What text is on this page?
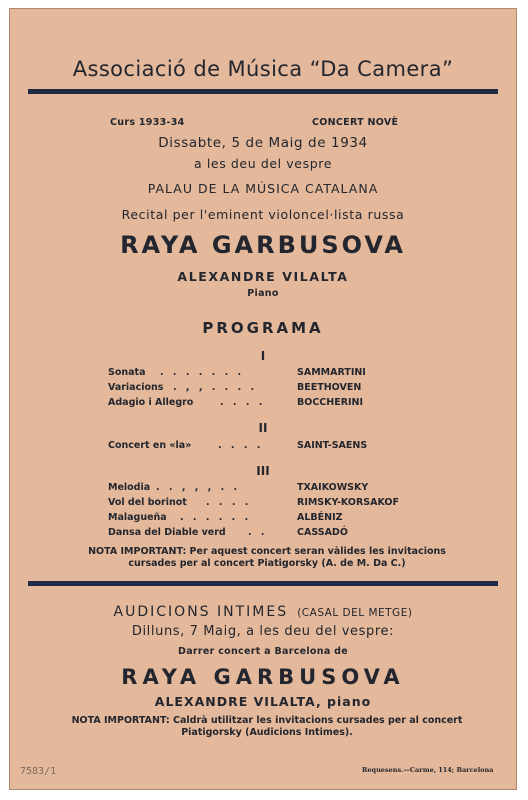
Associació de Música “Da Camera”
Curs 1933-34	CONCERT NOVÈ
Dissabte, 5 de Maig de 1934
a les deu del vespre
PALAU DE LA MÚSICA CATALANA
Recital per l'eminent violoncel·lista russa
RAYA GARBUSOVA
ALEXANDRE VILALTA
Piano
PROGRAMA
I
Sonata . . . . . . .	SAMMARTINI
Variacions . , , . . . .	BEETHOVEN
Adagio i Allegro	. . . .	BOCCHERINI
II
Concert en «la»	. . . .	SAINT-SAENS
III
Melodia . . , , , . .	TXAIKOWSKY
Vol del borinot . . . .	RIMSKY-KORSAKOF
Malagueña . . . . . .	ALBÉNIZ
Dansa del Diable verd . .	CASSADÓ
NOTA IMPORTANT: Per aquest concert seran vàlides les invitacions cursades per al concert Piatigorsky (A. de M. Da C.)
AUDICIONS INTIMES (CASAL DEL METGE)
Dilluns, 7 Maig, a les deu del vespre:
Darrer concert a Barcelona de
RAYA GARBUSOVA
ALEXANDRE VILALTA, piano
NOTA IMPORTANT: Caldrà utilitzar les invitacions cursades per al concert Piatigorsky (Audicions Intimes).
Requesens.—Carme, 114; Barcelona
7583/1
